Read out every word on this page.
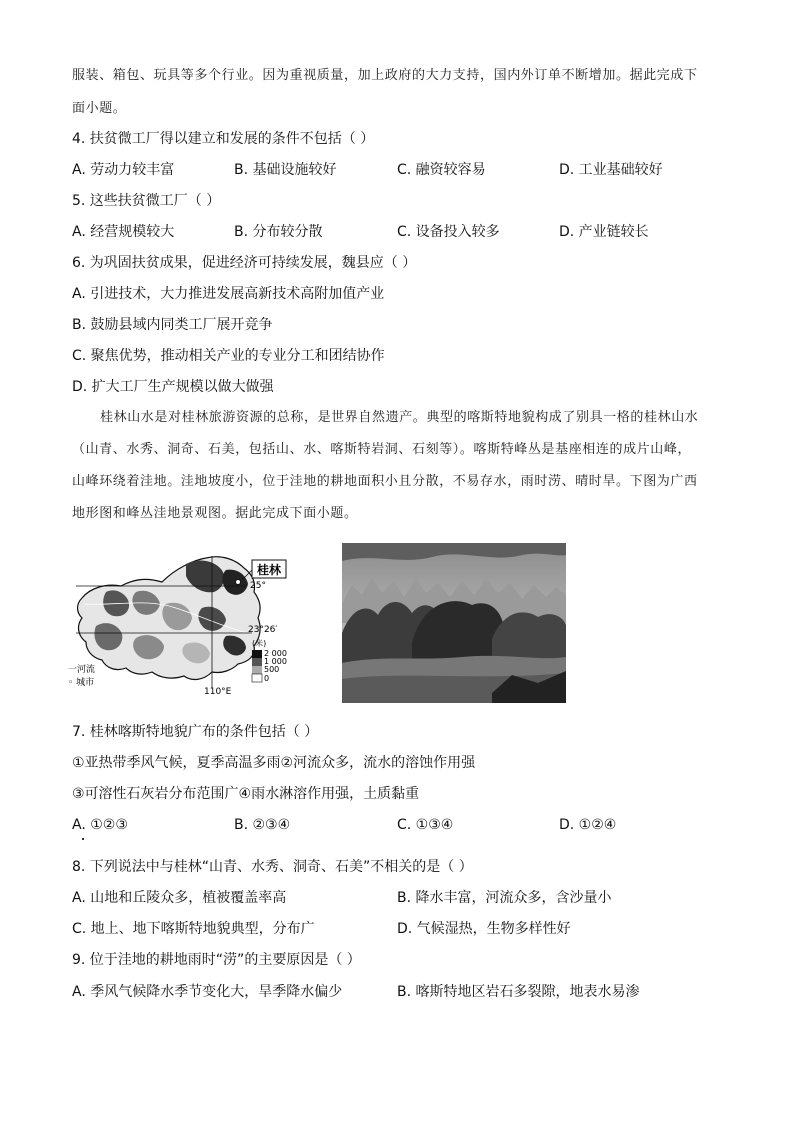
服装、箱包、玩具等多个行业。因为重视质量，加上政府的大力支持，国内外订单不断增加。据此完成下
面小题。
4. 扶贫微工厂得以建立和发展的条件不包括（ ）
A. 劳动力较丰富	B. 基础设施较好	C. 融资较容易	D. 工业基础较好
5. 这些扶贫微工厂（ ）
A. 经营规模较大	B. 分布较分散	C. 设备投入较多	D. 产业链较长
6. 为巩固扶贫成果，促进经济可持续发展，魏县应（ ）
A. 引进技术，大力推进发展高新技术高附加值产业
B. 鼓励县域内同类工厂展开竞争
C. 聚焦优势，推动相关产业的专业分工和团结协作
D. 扩大工厂生产规模以做大做强
桂林山水是对桂林旅游资源的总称，是世界自然遗产。典型的喀斯特地貌构成了别具一格的桂林山水
（山青、水秀、洞奇、石美，包括山、水、喀斯特岩洞、石刻等）。喀斯特峰丛是基座相连的成片山峰，
山峰环绕着洼地。洼地坡度小，位于洼地的耕地面积小且分散，不易存水，雨时涝、晴时旱。下图为广西
地形图和峰丛洼地景观图。据此完成下面小题。
桂林
25°
23°26′
110°E
(米)
2 000
1 000
500
0
一河流
◦ 城市
7. 桂林喀斯特地貌广布的条件包括（ ）
①亚热带季风气候，夏季高温多雨②河流众多，流水的溶蚀作用强
③可溶性石灰岩分布范围广④雨水淋溶作用强，土质黏重
A. ①②③	B. ②③④	C. ①③④	D. ①②④
8. 下列说法中与桂林“山青、水秀、洞奇、石美”不相关的是（ ）
A. 山地和丘陵众多，植被覆盖率高	B. 降水丰富，河流众多，含沙量小
C. 地上、地下喀斯特地貌典型，分布广	D. 气候湿热，生物多样性好
9. 位于洼地的耕地雨时“涝”的主要原因是（ ）
A. 季风气候降水季节变化大，旱季降水偏少	B. 喀斯特地区岩石多裂隙，地表水易渗
